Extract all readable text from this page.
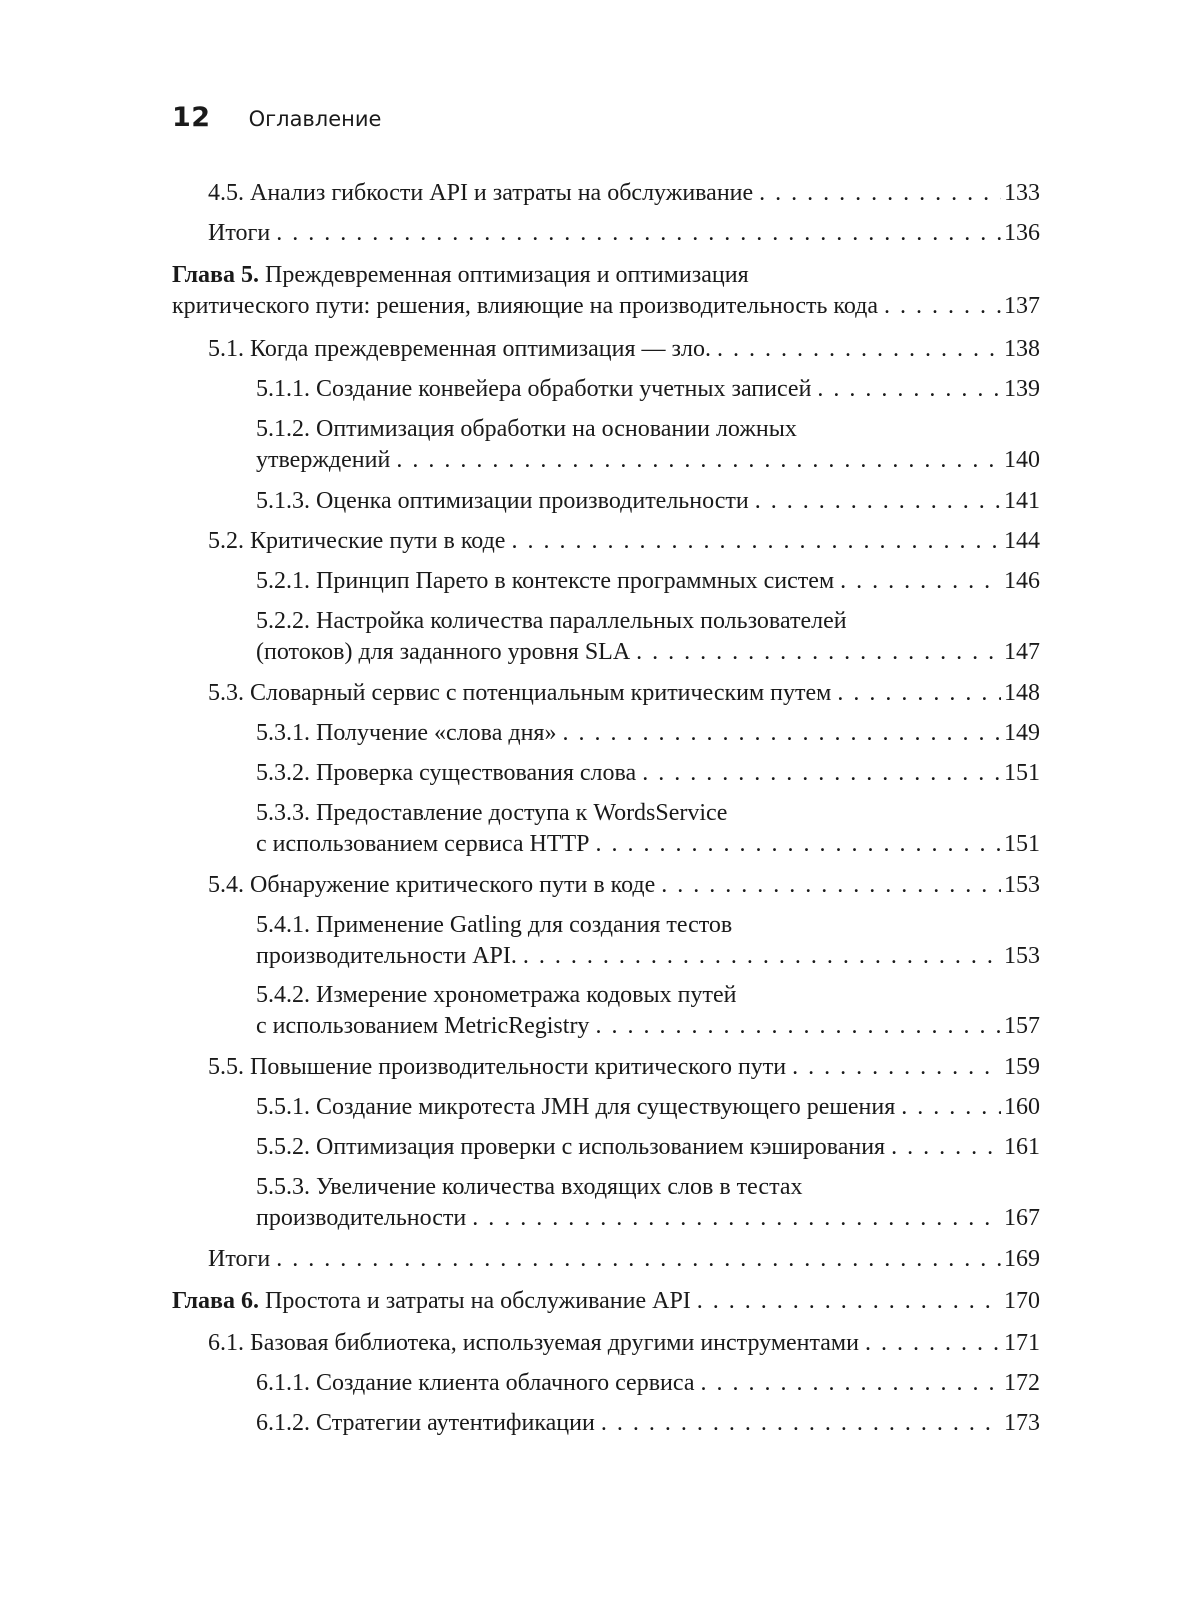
12 Оглавление
4.5. Анализ гибкости API и затраты на обслуживание . . .	133
Итоги . . .	136
Глава 5. Преждевременная оптимизация и оптимизация
критического пути: решения, влияющие на производительность кода . . .	137
5.1. Когда преждевременная оптимизация — зло. . . .	138
5.1.1. Создание конвейера обработки учетных записей . . .	139
5.1.2. Оптимизация обработки на основании ложных
утверждений . . .	140
5.1.3. Оценка оптимизации производительности . . .	141
5.2. Критические пути в коде . . .	144
5.2.1. Принцип Парето в контексте программных систем . . .	146
5.2.2. Настройка количества параллельных пользователей
(потоков) для заданного уровня SLA . . .	147
5.3. Словарный сервис с потенциальным критическим путем . . .	148
5.3.1. Получение «слова дня» . . .	149
5.3.2. Проверка существования слова . . .	151
5.3.3. Предоставление доступа к WordsService
с использованием сервиса HTTP . . .	151
5.4. Обнаружение критического пути в коде . . .	153
5.4.1. Применение Gatling для создания тестов
производительности API. . . .	153
5.4.2. Измерение хронометража кодовых путей
с использованием MetricRegistry . . .	157
5.5. Повышение производительности критического пути . . .	159
5.5.1. Создание микротеста JMH для существующего решения . . .	160
5.5.2. Оптимизация проверки с использованием кэширования . . .	161
5.5.3. Увеличение количества входящих слов в тестах
производительности . . .	167
Итоги . . .	169
Глава 6. Простота и затраты на обслуживание API . . .	170
6.1. Базовая библиотека, используемая другими инструментами . . .	171
6.1.1. Создание клиента облачного сервиса . . .	172
6.1.2. Стратегии аутентификации . . .	173
